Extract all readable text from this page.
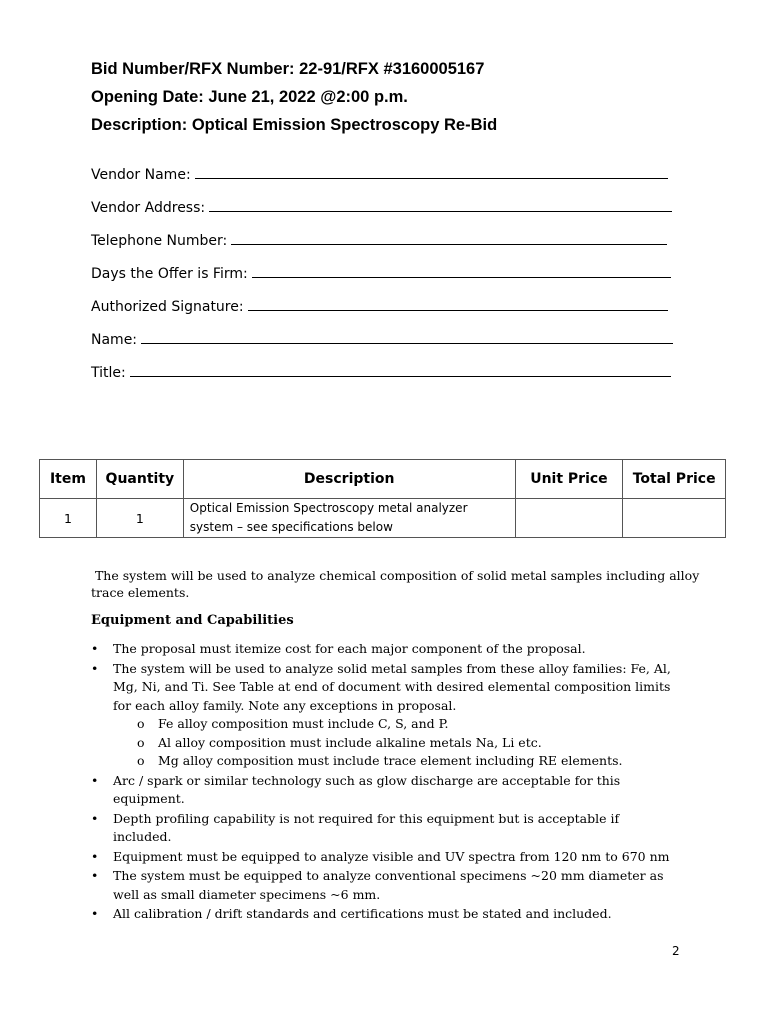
Bid Number/RFX Number: 22-91/RFX #3160005167
Opening Date: June 21, 2022 @2:00 p.m.
Description: Optical Emission Spectroscopy Re-Bid
Vendor Name:
Vendor Address:
Telephone Number:
Days the Offer is Firm:
Authorized Signature:
Name:
Title:
Item	Quantity	Description	Unit Price	Total Price
1	1	Optical Emission Spectroscopy metal analyzer
system – see specifications below		

The system will be used to analyze chemical composition of solid metal samples including alloy
trace elements.
Equipment and Capabilities
• The proposal must itemize cost for each major component of the proposal.
• The system will be used to analyze solid metal samples from these alloy families: Fe, Al, Mg, Ni, and Ti. See Table at end of document with desired elemental composition limits for each alloy family. Note any exceptions in proposal.
o Fe alloy composition must include C, S, and P.
o Al alloy composition must include alkaline metals Na, Li etc.
o Mg alloy composition must include trace element including RE elements.
• Arc / spark or similar technology such as glow discharge are acceptable for this equipment.
• Depth profiling capability is not required for this equipment but is acceptable if included.
• Equipment must be equipped to analyze visible and UV spectra from 120 nm to 670 nm
• The system must be equipped to analyze conventional specimens ~20 mm diameter as well as small diameter specimens ~6 mm.
• All calibration / drift standards and certifications must be stated and included.
2
